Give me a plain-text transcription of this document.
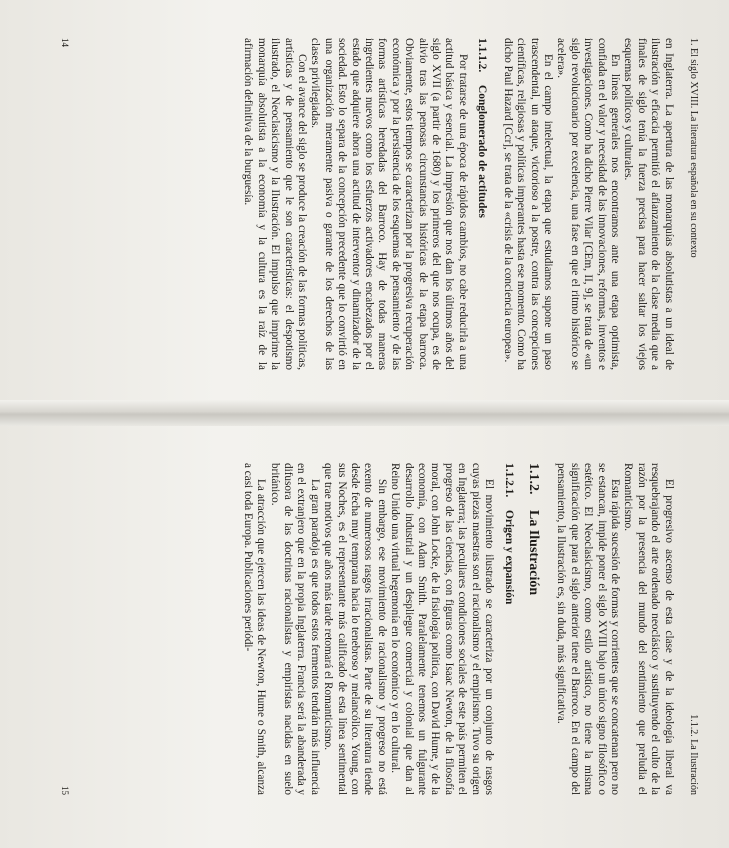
1. El siglo XVIII. La literatura española en su contexto

en Inglaterra. La apertura de las monarquías absolutistas a un ideal de ilustración y eficacia permitió el afianzamiento de la clase media que a finales de siglo tenía la fuerza precisa para hacer saltar los viejos esquemas políticos y culturales.

En líneas generales nos encontramos ante una etapa optimista, confiada en el valor y necesidad de las innovaciones, reformas, inventos e investigaciones. Como ha dicho Pierre Vilar [CEm, II, 9], se trata de «un siglo revolucionario por excelencia, una fase en que el ritmo histórico se acelera».

En el campo intelectual, la etapa que estudiamos supone un paso trascendental, un ataque, victorioso a la postre, contra las concepciones científicas, religiosas y políticas imperantes hasta ese momento. Como ha dicho Paul Hazard [Ccr], se trata de la «crisis de la conciencia europea».

1.1.1.2. Conglomerado de actitudes

Por tratarse de una época de rápidos cambios, no cabe reducirla a una actitud básica y esencial. La impresión que nos dan los últimos años del siglo XVII (a partir de 1680) y los primeros del que nos ocupa, es de alivio tras las penosas circunstancias históricas de la etapa barroca. Obviamente, estos tiempos se caracterizan por la progresiva recuperación económica y por la persistencia de los esquemas de pensamiento y de las formas artísticas heredadas del Barroco. Hay de todas maneras ingredientes nuevos como los esfuerzos activadores encabezados por el estado que adquiere ahora una actitud de interventor y dinamizador de la sociedad. Esto lo separa de la concepción precedente que lo convirtió en una organización meramente pasiva o garante de los derechos de las clases privilegiadas.

Con el avance del siglo se produce la creación de las formas políticas, artísticas y de pensamiento que le son características: el despotismo ilustrado, el Neoclasicismo y la Ilustración. El impulso que imprime la monarquía absolutista a la economía y la cultura es la raíz de la afirmación definitiva de la burguesía.

14
1.1.2. La Ilustración

El progresivo ascenso de esta clase y de la ideología liberal va resquebrajando el arte ordenado neoclásico y sustituyendo el culto de la razón por la presencia del mundo del sentimiento que preludia el Romanticismo.

Esta rápida sucesión de formas y corrientes que se concatenan pero no se estancan, impide poner el siglo XVIII bajo un único signo filosófico o estético. El Neoclasicismo, como estilo artístico, no tiene la misma significación que para el siglo anterior tiene el Barroco. En el campo del pensamiento, la Ilustración es, sin duda, más significativa.

1.1.2. La Ilustración
1.1.2.1. Origen y expansión

El movimiento ilustrado se caracteriza por un conjunto de rasgos cuyas piezas maestras son el racionalismo y el empirismo. Tuvo su origen en Inglaterra; las peculiares condiciones sociales de este país permiten el progreso de las ciencias, con figuras como Isaac Newton, de la filosofía moral, con John Locke, de la fisiología política, con David Hume, y de la economía, con Adam Smith. Paralelamente tenemos un fulgurante desarrollo industrial y un despliegue comercial y colonial que dan al Reino Unido una virtual hegemonía en lo económico y en lo cultural.

Sin embargo, ese movimiento de racionalismo y progreso no está exento de numerosos rasgos irracionalistas. Parte de su literatura tiende desde fecha muy temprana hacia lo tenebroso y melancólico. Young, con sus Noches, es el representante más calificado de esta línea sentimental que trae motivos que años más tarde retomará el Romanticismo.

La gran paradoja es que todos estos fermentos tendrán más influencia en el extranjero que en la propia Inglaterra. Francia será la abanderada y difusora de las doctrinas racionalistas y empiristas nacidas en suelo británico.

La atracción que ejercen las ideas de Newton, Hume o Smith, alcanza a casi toda Europa. Publicaciones periódi-

15
